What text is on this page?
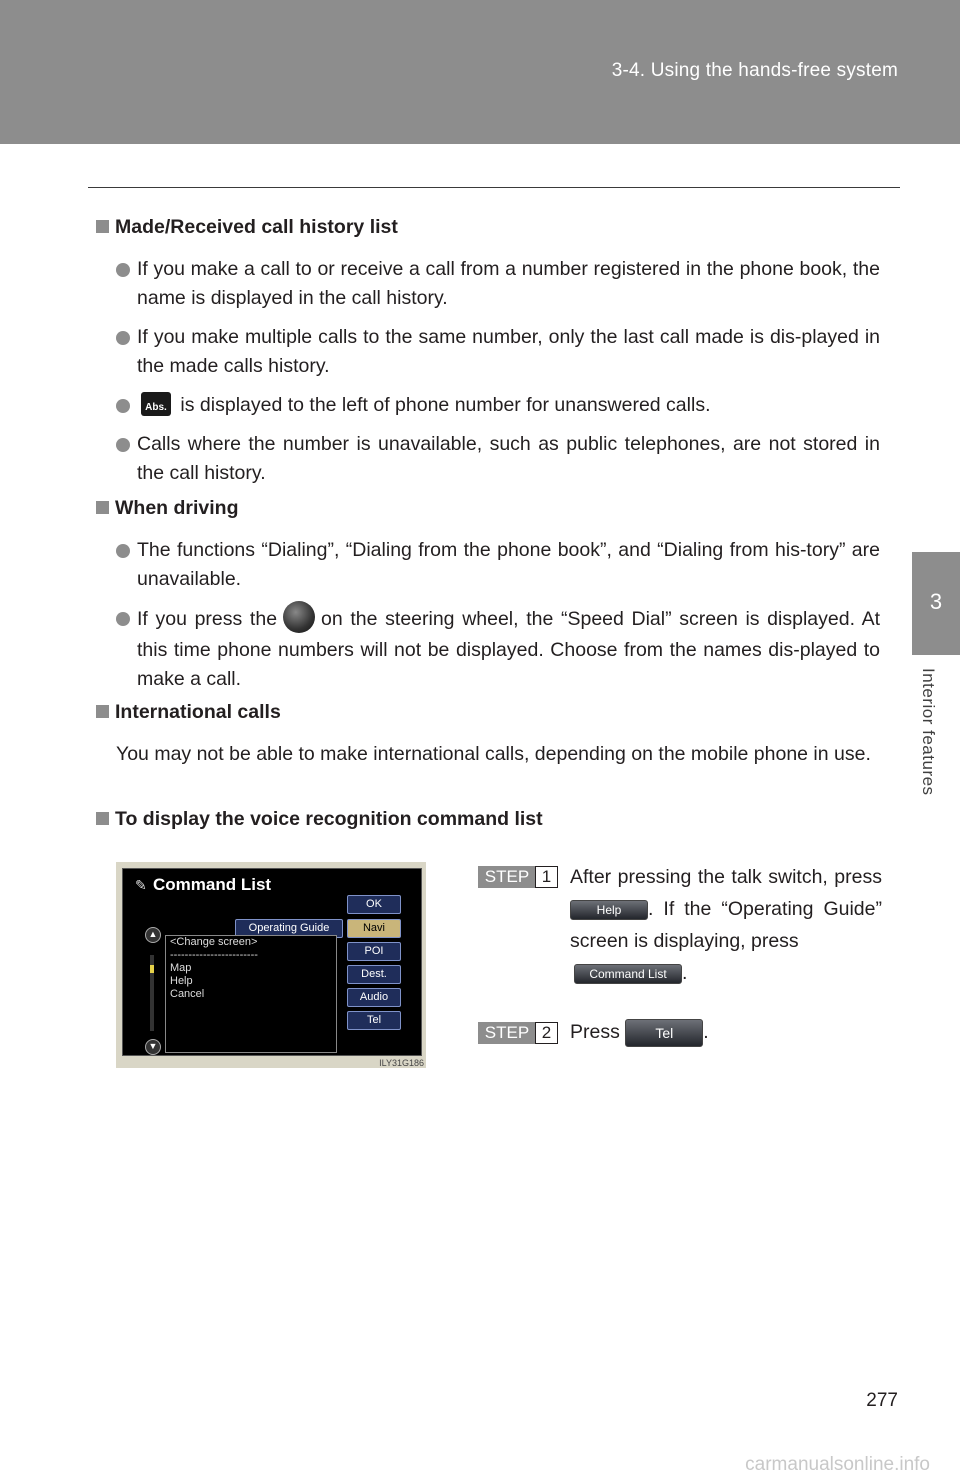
3-4. Using the hands-free system
3
Interior features
Made/Received call history list
If you make a call to or receive a call from a number registered in the phone book, the name is displayed in the call history.
If you make multiple calls to the same number, only the last call made is dis-played in the made calls history.
Abs. is displayed to the left of phone number for unanswered calls.
Calls where the number is unavailable, such as public telephones, are not stored in the call history.
When driving
The functions “Dialing”, “Dialing from the phone book”, and “Dialing from his-tory” are unavailable.
If you press the on the steering wheel, the “Speed Dial” screen is displayed. At this time phone numbers will not be displayed. Choose from the names dis-played to make a call.
International calls
You may not be able to make international calls, depending on the mobile phone in use.
To display the voice recognition command list
✎ Command List
OK
Operating Guide	Navi
POI
Dest.
Audio
Tel
▲
▼
<Change screen>
------------------------
Map
Help
Cancel
ILY31G186
STEP 1 After pressing the talk switch, press Help . If the “Operating Guide” screen is displaying, press
Command List .
STEP 2 Press	Tel .
277
carmanualsonline.info
